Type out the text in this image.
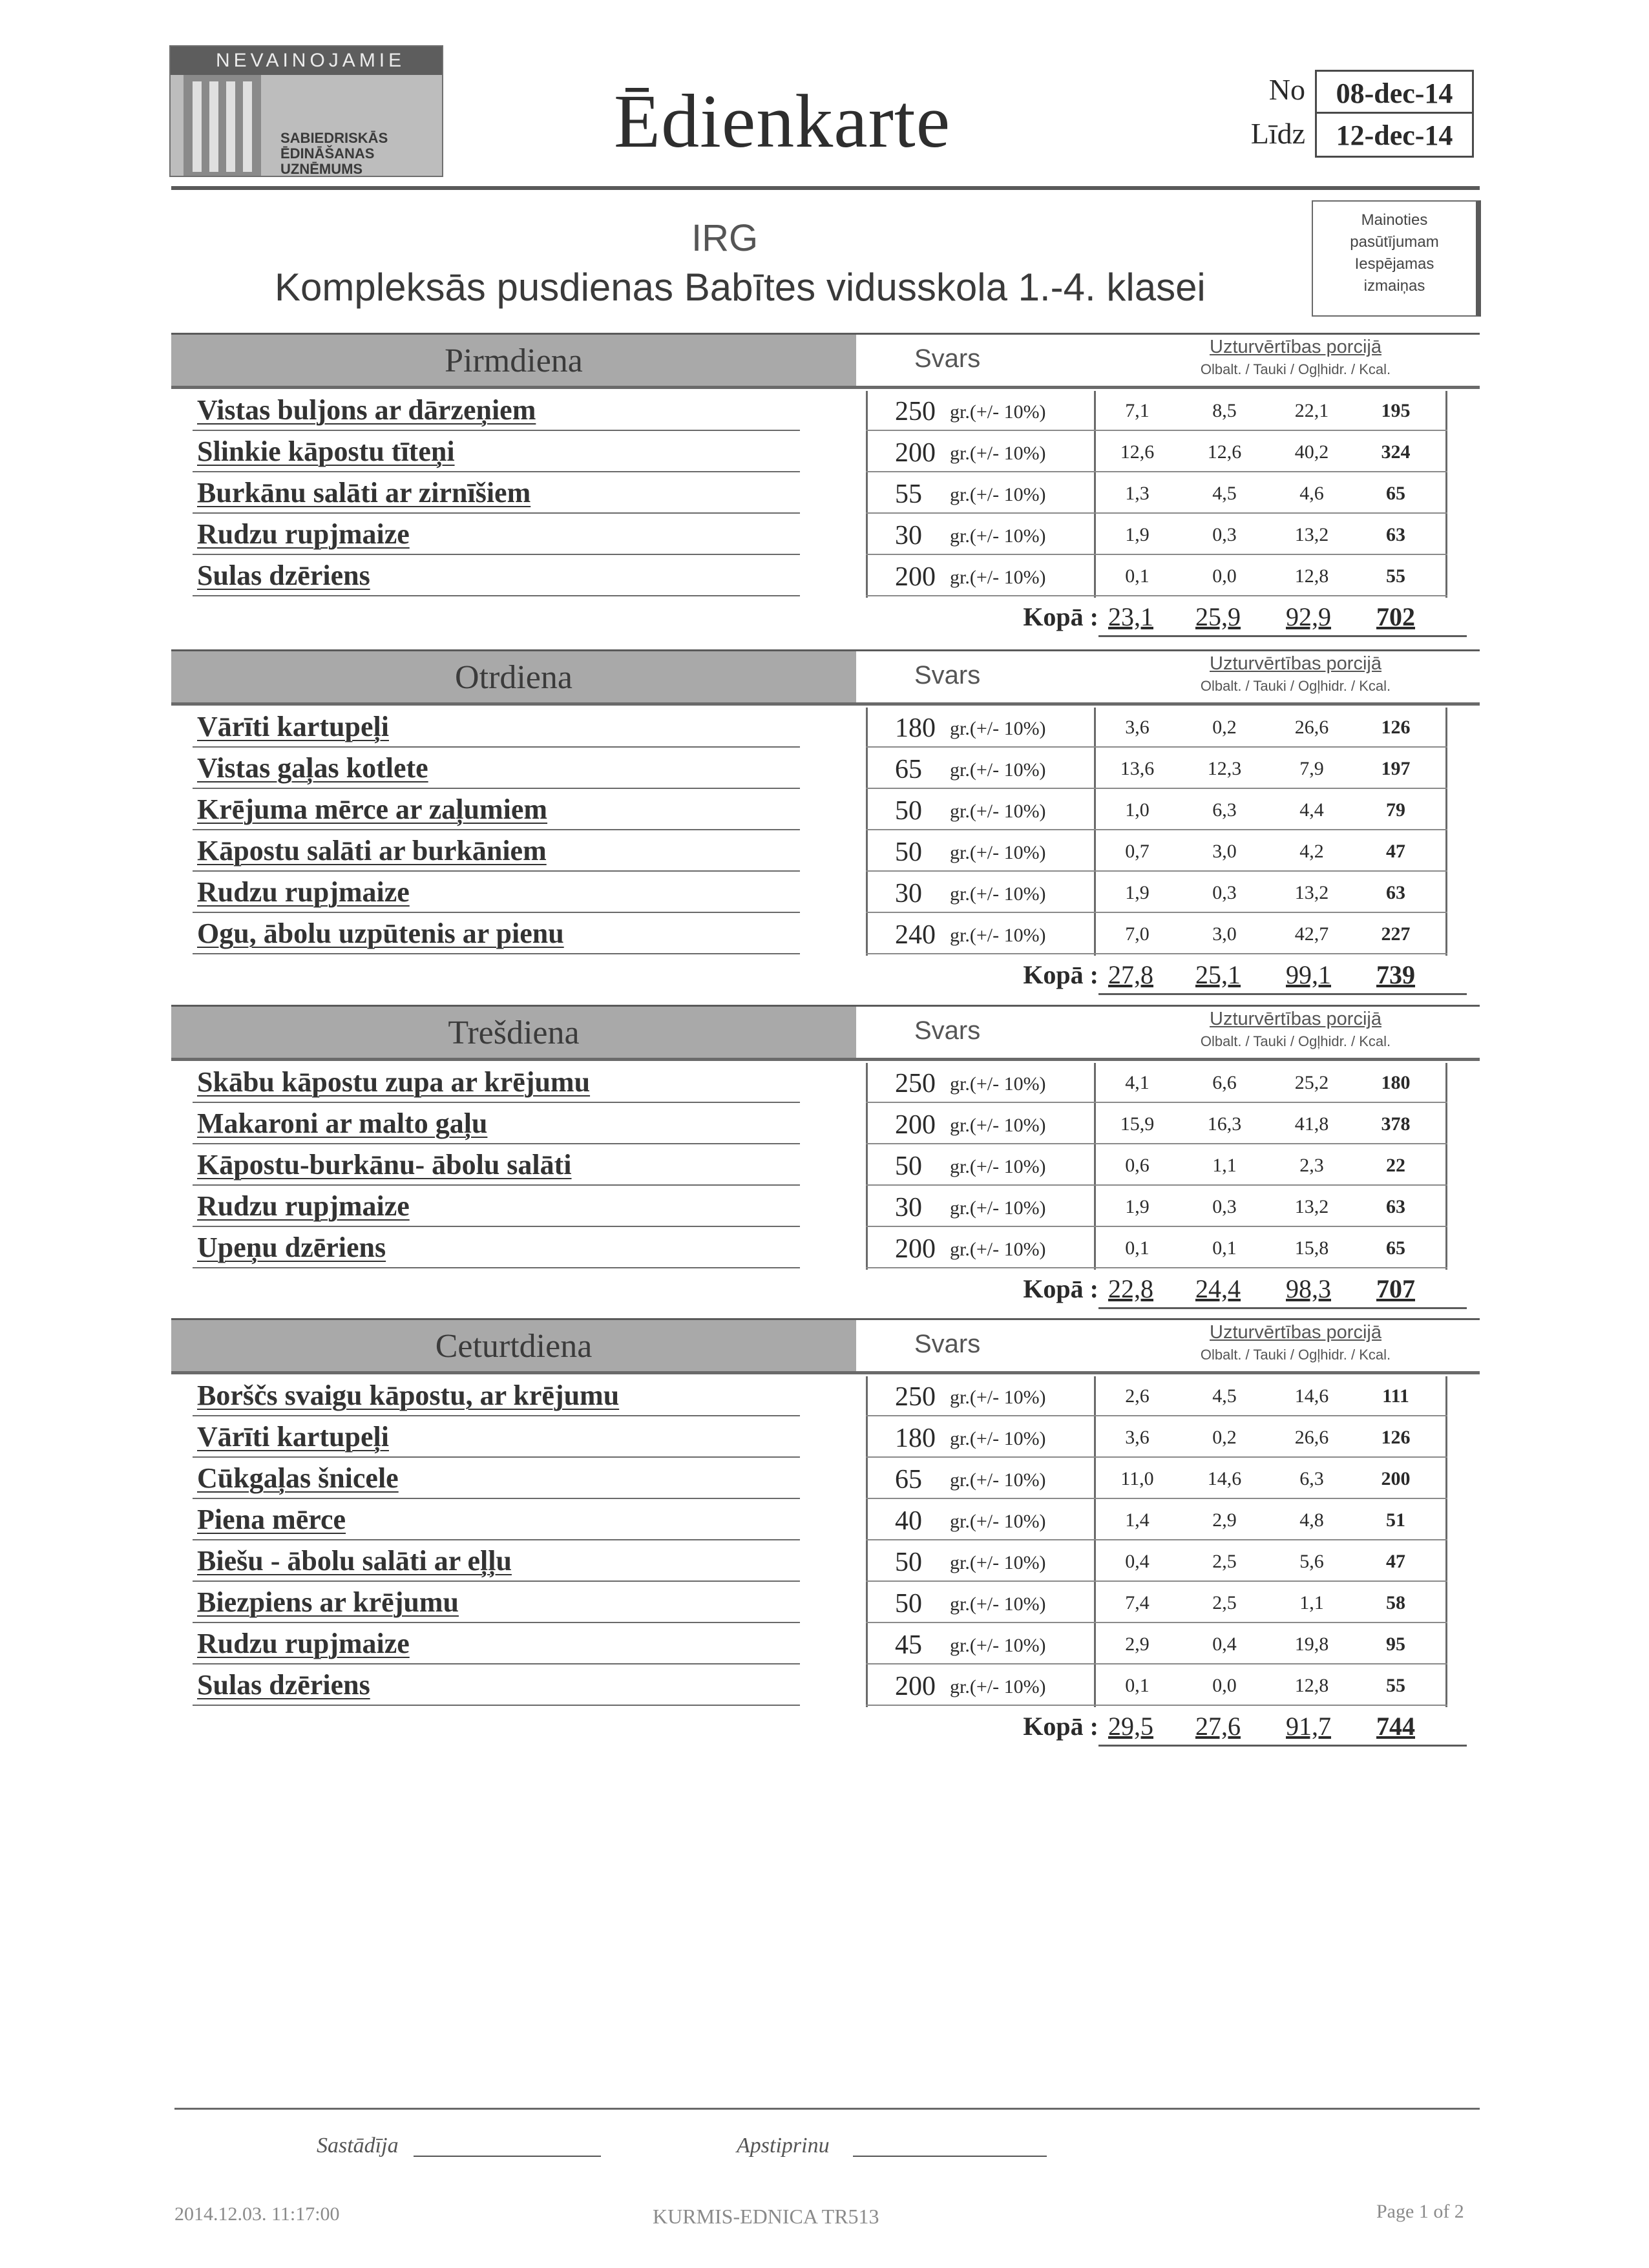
NEVAINOJAMIE
SABIEDRISKĀS
ĒDINĀŠANAS
UZNĒMUMS
Ēdienkarte	No	08-dec-14
Līdz	12-dec-14
IRG
Kompleksās pusdienas Babītes vidusskola 1.-4. klasei
Mainoties
pasūtījumam
Iespējamas
izmaiņas
Pirmdiena	Svars	Uzturvērtības porcijā
Olbalt. / Tauki / Ogļhidr. / Kcal.
Vistas buljons ar dārzeņiem	250 gr.(+/- 10%)	7,1	8,5	22,1	195
Slinkie kāpostu tīteņi	200 gr.(+/- 10%)	12,6	12,6	40,2	324
Burkānu salāti ar zirnīšiem	55 gr.(+/- 10%)	1,3	4,5	4,6	65
Rudzu rupjmaize	30 gr.(+/- 10%)	1,9	0,3	13,2	63
Sulas dzēriens	200 gr.(+/- 10%)	0,1	0,0	12,8	55
Kopā : 23,1	25,9	92,9	702
Otrdiena	Svars	Uzturvērtības porcijā
Olbalt. / Tauki / Ogļhidr. / Kcal.
Vārīti kartupeļi	180 gr.(+/- 10%)	3,6	0,2	26,6	126
Vistas gaļas kotlete	65 gr.(+/- 10%)	13,6	12,3	7,9	197
Krējuma mērce ar zaļumiem	50 gr.(+/- 10%)	1,0	6,3	4,4	79
Kāpostu salāti ar burkāniem	50 gr.(+/- 10%)	0,7	3,0	4,2	47
Rudzu rupjmaize	30 gr.(+/- 10%)	1,9	0,3	13,2	63
Ogu, ābolu uzpūtenis ar pienu	240 gr.(+/- 10%)	7,0	3,0	42,7	227
Kopā : 27,8	25,1	99,1	739
Trešdiena	Svars	Uzturvērtības porcijā
Olbalt. / Tauki / Ogļhidr. / Kcal.
Skābu kāpostu zupa ar krējumu	250 gr.(+/- 10%)	4,1	6,6	25,2	180
Makaroni ar malto gaļu	200 gr.(+/- 10%)	15,9	16,3	41,8	378
Kāpostu-burkānu- ābolu salāti	50 gr.(+/- 10%)	0,6	1,1	2,3	22
Rudzu rupjmaize	30 gr.(+/- 10%)	1,9	0,3	13,2	63
Upeņu dzēriens	200 gr.(+/- 10%)	0,1	0,1	15,8	65
Kopā : 22,8	24,4	98,3	707
Ceturtdiena	Svars	Uzturvērtības porcijā
Olbalt. / Tauki / Ogļhidr. / Kcal.
Borščs svaigu kāpostu, ar krējumu	250 gr.(+/- 10%)	2,6	4,5	14,6	111
Vārīti kartupeļi	180 gr.(+/- 10%)	3,6	0,2	26,6	126
Cūkgaļas šnicele	65 gr.(+/- 10%)	11,0	14,6	6,3	200
Piena mērce	40 gr.(+/- 10%)	1,4	2,9	4,8	51
Biešu - ābolu salāti ar eļļu	50 gr.(+/- 10%)	0,4	2,5	5,6	47
Biezpiens ar krējumu	50 gr.(+/- 10%)	7,4	2,5	1,1	58
Rudzu rupjmaize	45 gr.(+/- 10%)	2,9	0,4	19,8	95
Sulas dzēriens	200 gr.(+/- 10%)	0,1	0,0	12,8	55
Kopā : 29,5	27,6	91,7	744
Sastādīja	Apstiprinu
2014.12.03. 11:17:00	KURMIS-EDNICA TR513	Page 1 of 2
